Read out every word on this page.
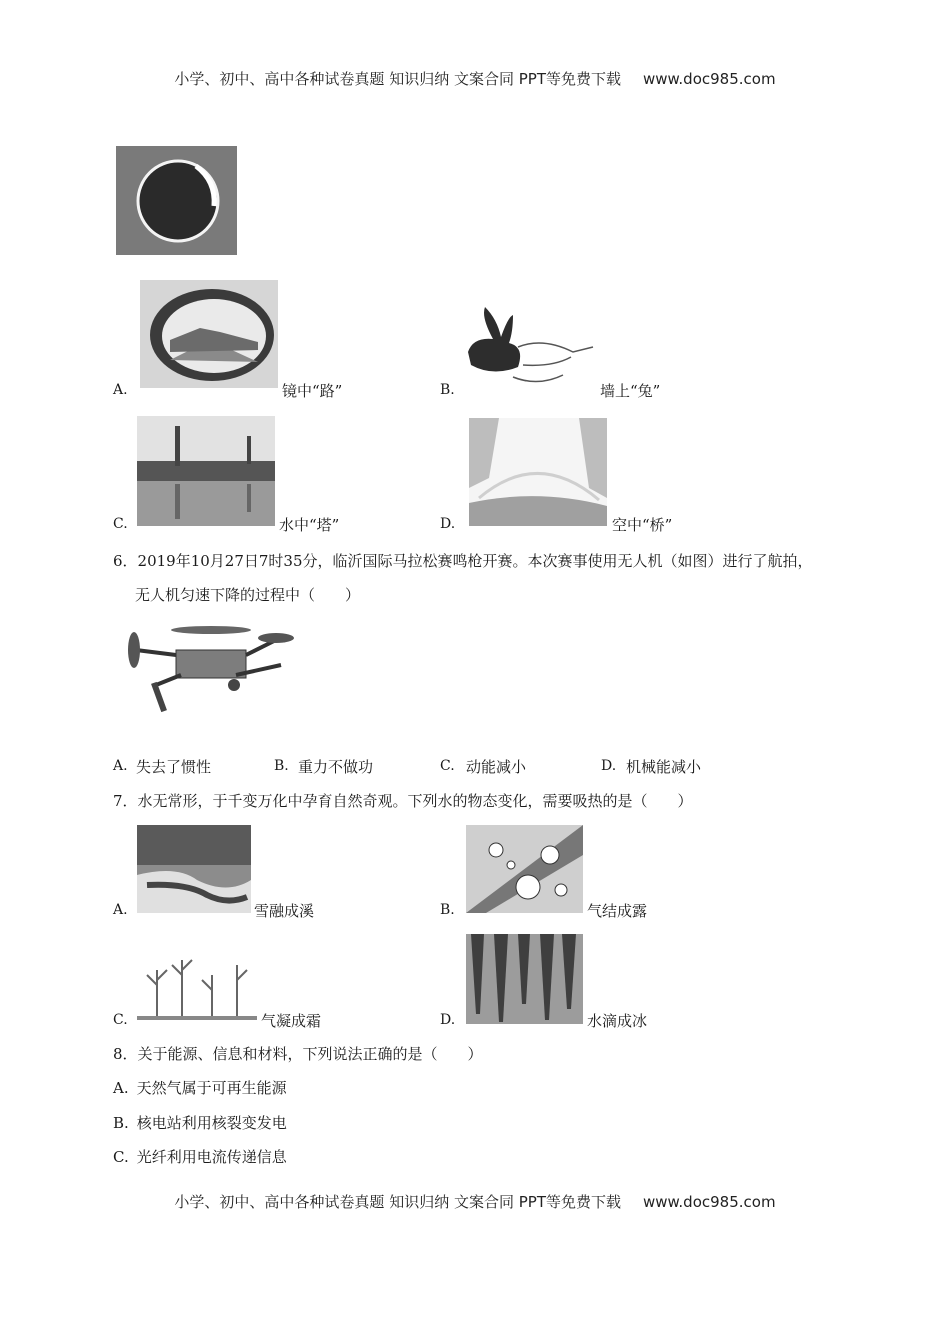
小学、初中、高中各种试卷真题 知识归纳 文案合同 PPT等免费下载 www.doc985.com
A.	镜中“路”	B.	墙上“兔”
C.	水中“塔”	D.	空中“桥”
6．2019年10月27日7时35分，临沂国际马拉松赛鸣枪开赛。本次赛事使用无人机（如图）进行了航拍，
无人机匀速下降的过程中（　　）
A. 失去了惯性	B. 重力不做功	C. 动能减小	D. 机械能减小
7．水无常形，于千变万化中孕育自然奇观。下列水的物态变化，需要吸热的是（　　）
A.	雪融成溪	B.	气结成露
C.	气凝成霜	D.	水滴成冰
8．关于能源、信息和材料，下列说法正确的是（　　）
A. 天然气属于可再生能源
B. 核电站利用核裂变发电
C. 光纤利用电流传递信息
小学、初中、高中各种试卷真题 知识归纳 文案合同 PPT等免费下载 www.doc985.com
